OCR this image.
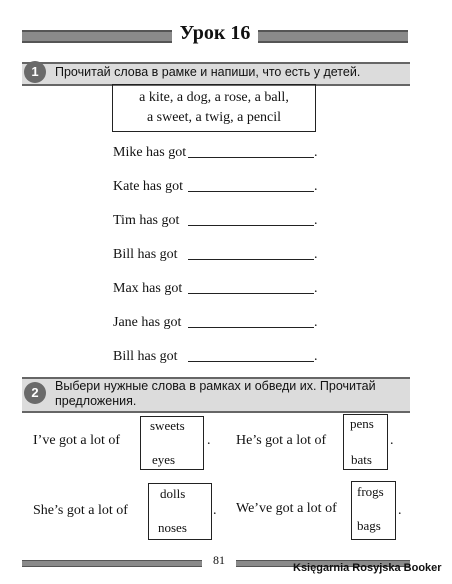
Урок 16
1	Прочитай слова в рамке и напиши, что есть у детей.
a kite, a dog, a rose, a ball,
a sweet, a twig, a pencil
Mike has got	.
Kate has got	.
Tim has got	.
Bill has got	.
Max has got	.
Jane has got	.
Bill has got	.
2	Выбери нужные слова в рамках и обведи их. Прочитай
предложения.
I’ve got a lot of
sweets
eyes
. He’s got a lot of
pens
bats
.
She’s got a lot of
dolls
noses
. We’ve got a lot of
frogs
bags
.
81
Księgarnia Rosyjska Booker
